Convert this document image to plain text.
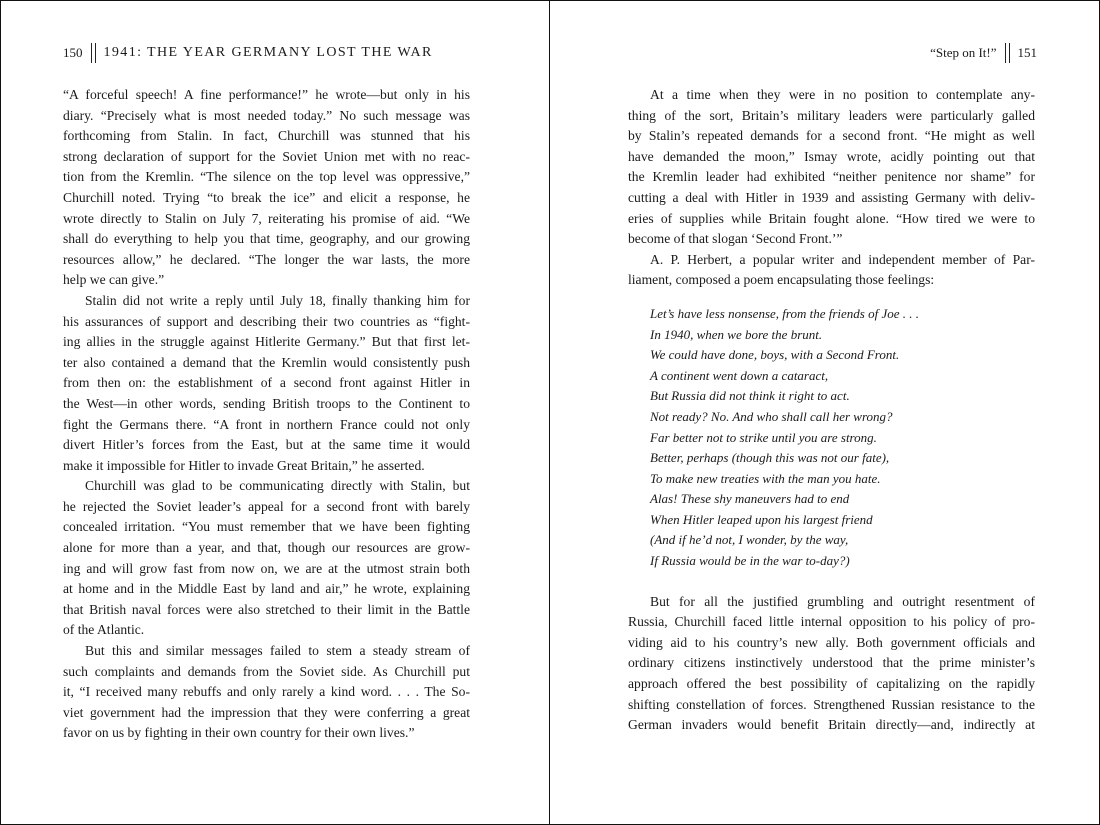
150 1941: THE YEAR GERMANY LOST THE WAR
“A forceful speech! A fine performance!” he wrote—but only in his
diary. “Precisely what is most needed today.” No such message was
forthcoming from Stalin. In fact, Churchill was stunned that his
strong declaration of support for the Soviet Union met with no reac-
tion from the Kremlin. “The silence on the top level was oppressive,”
Churchill noted. Trying “to break the ice” and elicit a response, he
wrote directly to Stalin on July 7, reiterating his promise of aid. “We
shall do everything to help you that time, geography, and our growing
resources allow,” he declared. “The longer the war lasts, the more
help we can give.”
Stalin did not write a reply until July 18, finally thanking him for
his assurances of support and describing their two countries as “fight-
ing allies in the struggle against Hitlerite Germany.” But that first let-
ter also contained a demand that the Kremlin would consistently push
from then on: the establishment of a second front against Hitler in
the West—in other words, sending British troops to the Continent to
fight the Germans there. “A front in northern France could not only
divert Hitler’s forces from the East, but at the same time it would
make it impossible for Hitler to invade Great Britain,” he asserted.
Churchill was glad to be communicating directly with Stalin, but
he rejected the Soviet leader’s appeal for a second front with barely
concealed irritation. “You must remember that we have been fighting
alone for more than a year, and that, though our resources are grow-
ing and will grow fast from now on, we are at the utmost strain both
at home and in the Middle East by land and air,” he wrote, explaining
that British naval forces were also stretched to their limit in the Battle
of the Atlantic.
But this and similar messages failed to stem a steady stream of
such complaints and demands from the Soviet side. As Churchill put
it, “I received many rebuffs and only rarely a kind word. . . . The So-
viet government had the impression that they were conferring a great
favor on us by fighting in their own country for their own lives.”
“Step on It!” 151
At a time when they were in no position to contemplate any-
thing of the sort, Britain’s military leaders were particularly galled
by Stalin’s repeated demands for a second front. “He might as well
have demanded the moon,” Ismay wrote, acidly pointing out that
the Kremlin leader had exhibited “neither penitence nor shame” for
cutting a deal with Hitler in 1939 and assisting Germany with deliv-
eries of supplies while Britain fought alone. “How tired we were to
become of that slogan ‘Second Front.’”
A. P. Herbert, a popular writer and independent member of Par-
liament, composed a poem encapsulating those feelings:
Let’s have less nonsense, from the friends of Joe . . .
In 1940, when we bore the brunt.
We could have done, boys, with a Second Front.
A continent went down a cataract,
But Russia did not think it right to act.
Not ready? No. And who shall call her wrong?
Far better not to strike until you are strong.
Better, perhaps (though this was not our fate),
To make new treaties with the man you hate.
Alas! These shy maneuvers had to end
When Hitler leaped upon his largest friend
(And if he’d not, I wonder, by the way,
If Russia would be in the war to-day?)
But for all the justified grumbling and outright resentment of
Russia, Churchill faced little internal opposition to his policy of pro-
viding aid to his country’s new ally. Both government officials and
ordinary citizens instinctively understood that the prime minister’s
approach offered the best possibility of capitalizing on the rapidly
shifting constellation of forces. Strengthened Russian resistance to the
German invaders would benefit Britain directly—and, indirectly at
